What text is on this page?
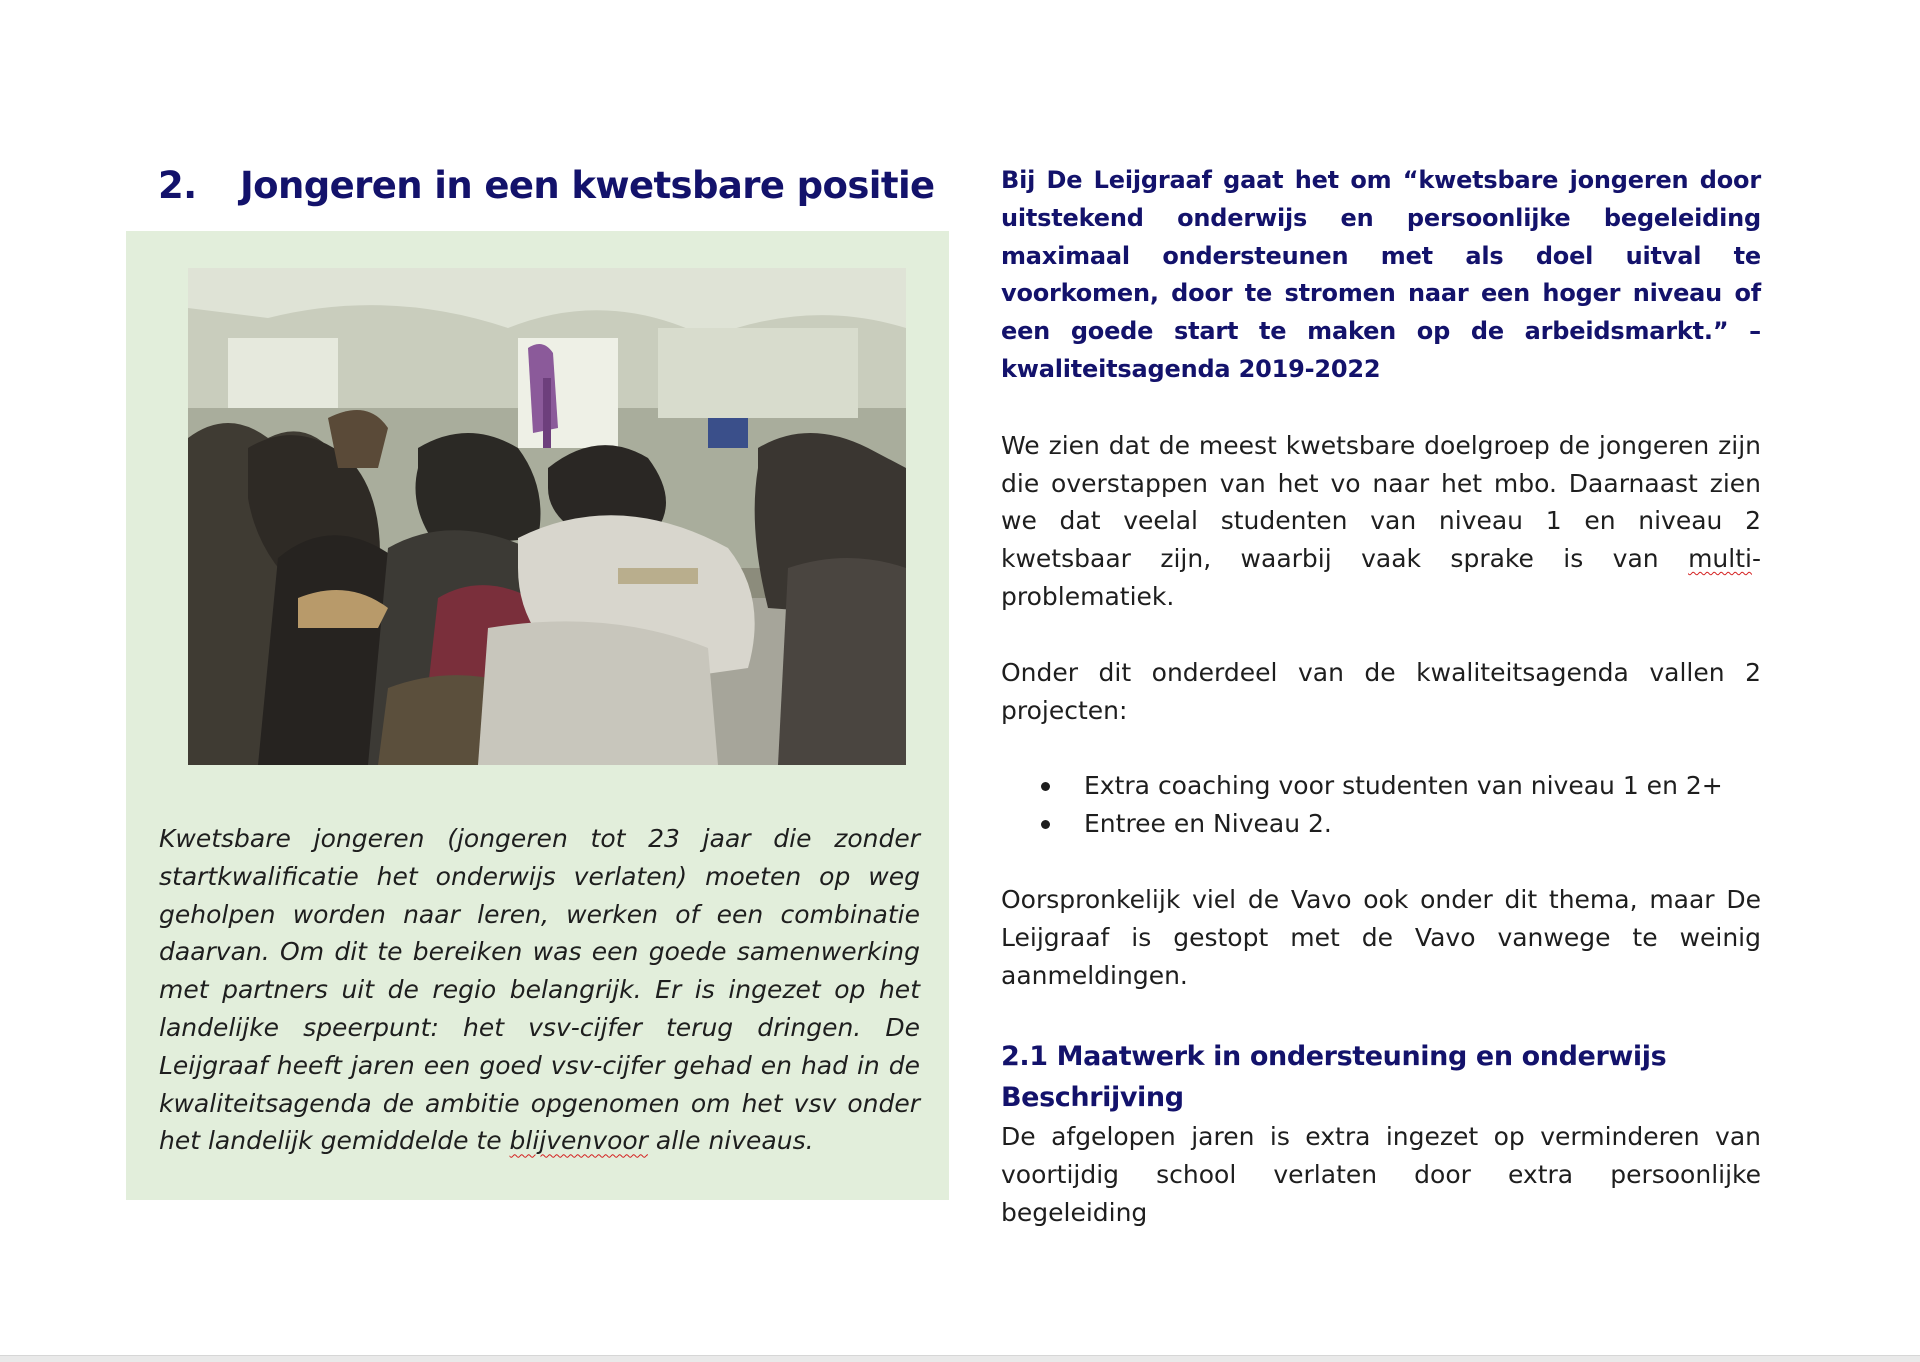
2. Jongeren in een kwetsbare positie

Kwetsbare jongeren (jongeren tot 23 jaar die zonder startkwalificatie het onderwijs verlaten) moeten op weg geholpen worden naar leren, werken of een combinatie daarvan. Om dit te bereiken was een goede samenwerking met partners uit de regio belangrijk. Er is ingezet op het landelijke speerpunt: het vsv-cijfer terug dringen. De Leijgraaf heeft jaren een goed vsv-cijfer gehad en had in de kwaliteitsagenda de ambitie opgenomen om het vsv onder het landelijk gemiddelde te blijvenvoor alle niveaus.

Bij De Leijgraaf gaat het om “kwetsbare jongeren door uitstekend onderwijs en persoonlijke begeleiding maximaal ondersteunen met als doel uitval te voorkomen, door te stromen naar een hoger niveau of een goede start te maken op de arbeidsmarkt.” – kwaliteitsagenda 2019-2022

We zien dat de meest kwetsbare doelgroep de jongeren zijn die overstappen van het vo naar het mbo. Daarnaast zien we dat veelal studenten van niveau 1 en niveau 2 kwetsbaar zijn, waarbij vaak sprake is van multi-problematiek.

Onder dit onderdeel van de kwaliteitsagenda vallen 2 projecten:

Extra coaching voor studenten van niveau 1 en 2+
Entree en Niveau 2.

Oorspronkelijk viel de Vavo ook onder dit thema, maar De Leijgraaf is gestopt met de Vavo vanwege te weinig aanmeldingen.

2.1 Maatwerk in ondersteuning en onderwijs

Beschrijving

De afgelopen jaren is extra ingezet op verminderen van voortijdig school verlaten door extra persoonlijke begeleiding
